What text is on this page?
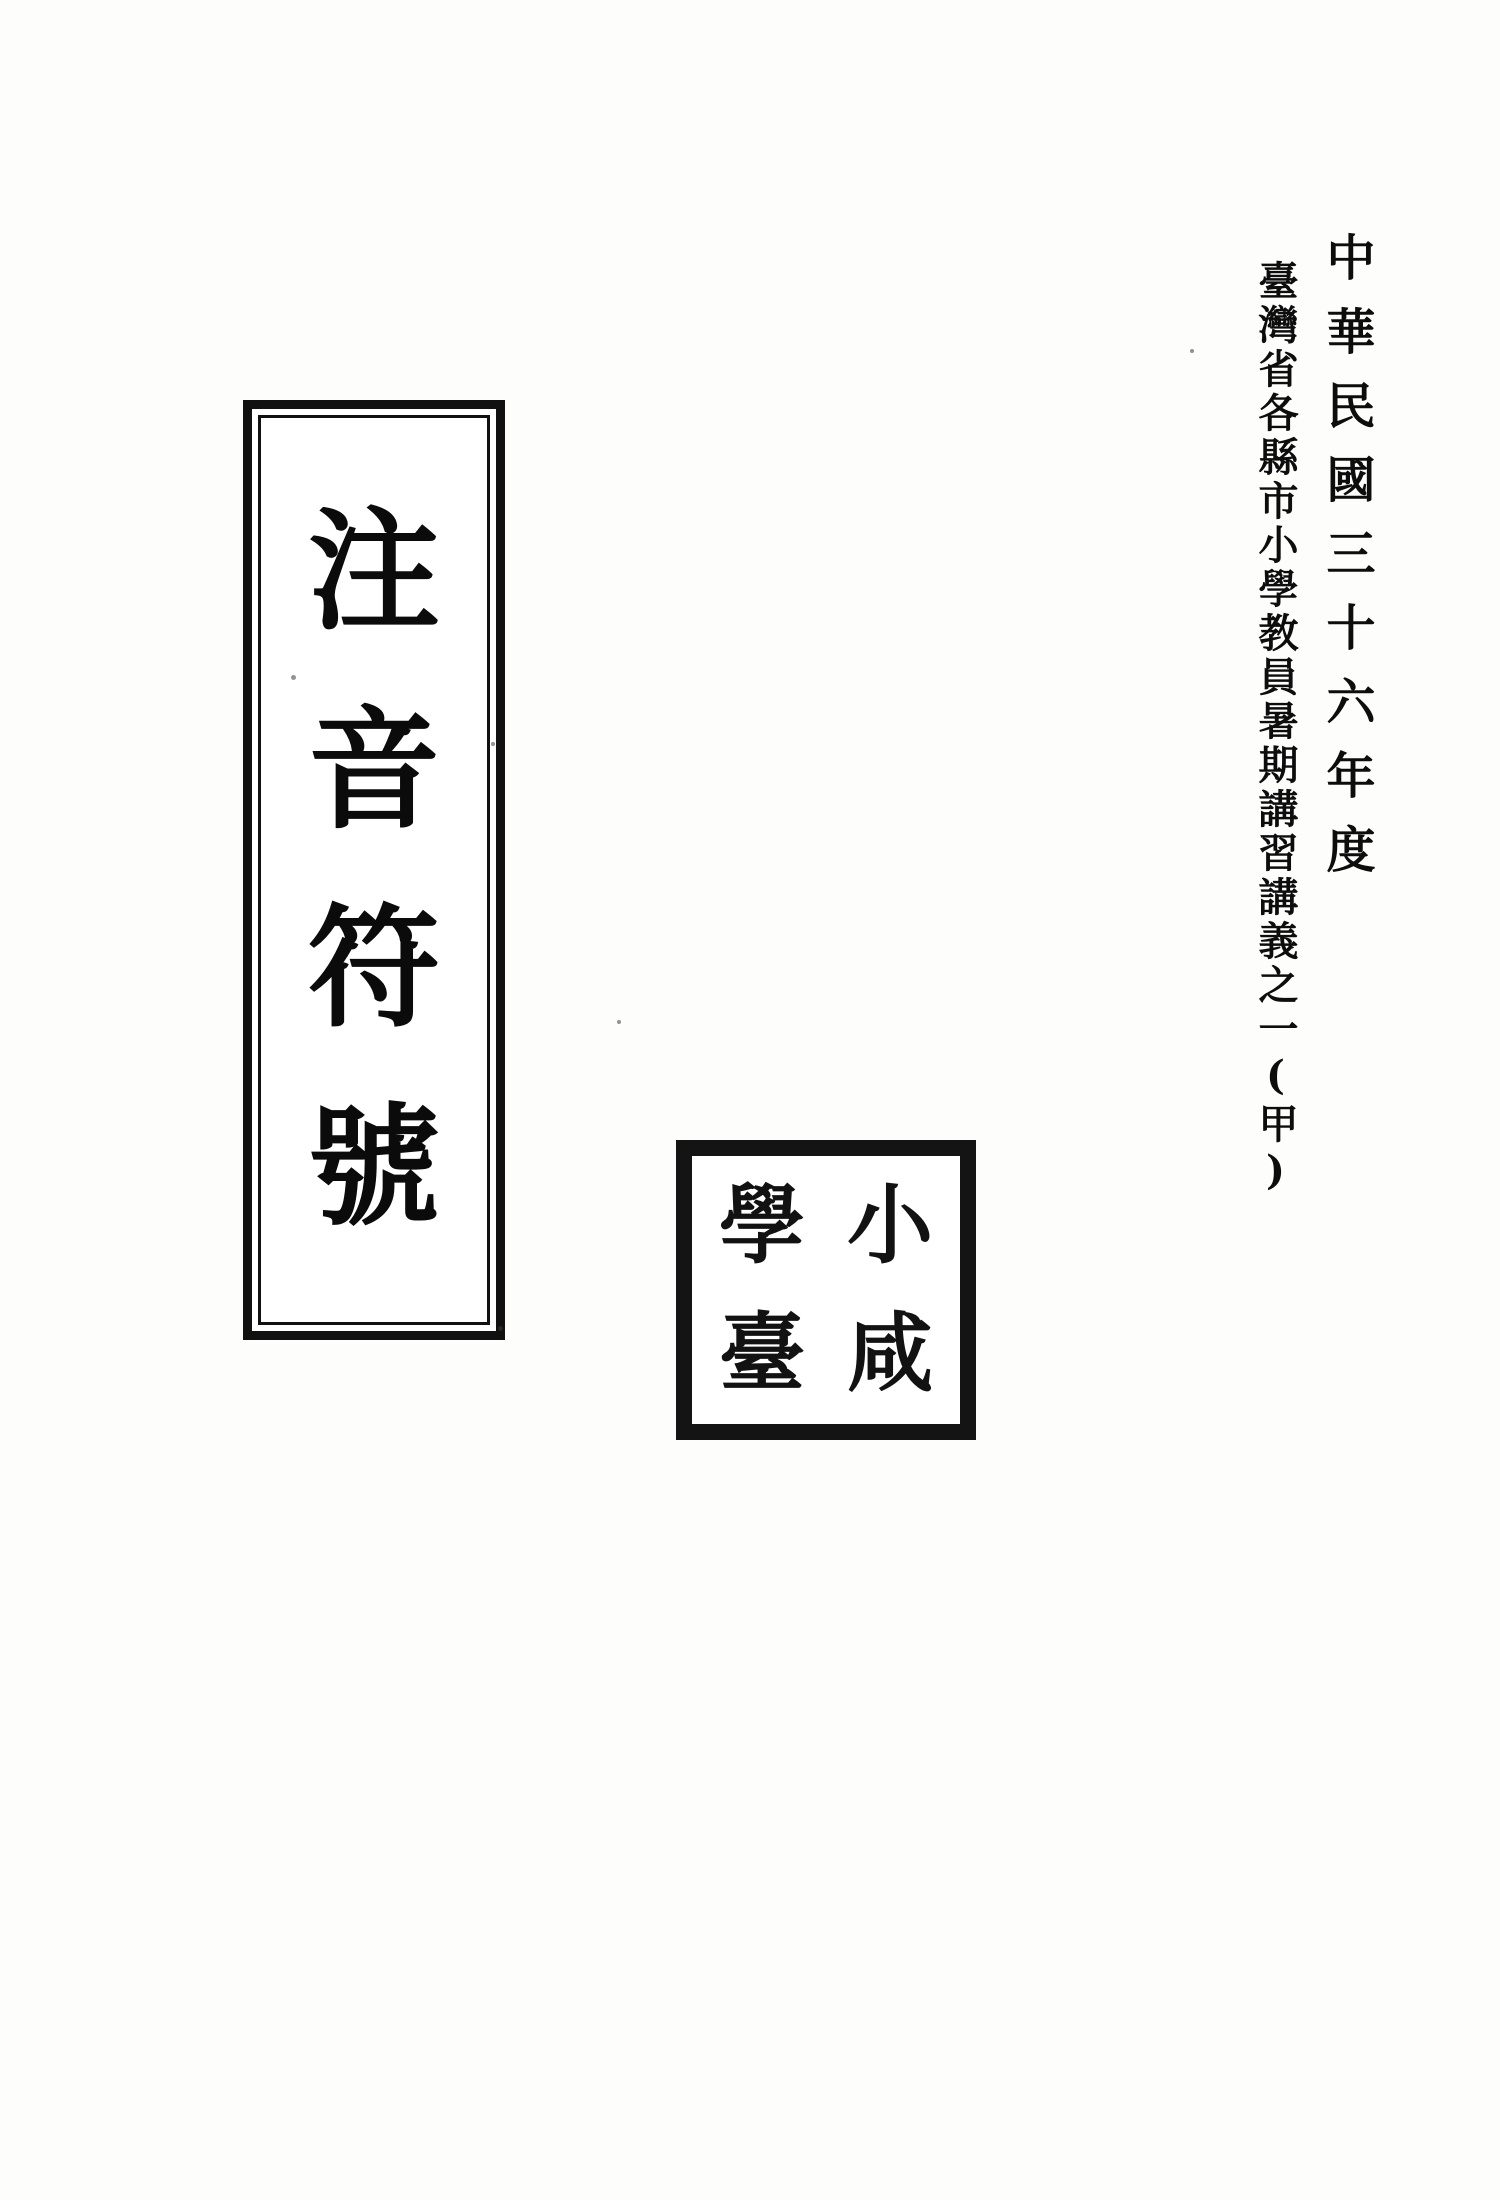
注
音
符
號	臺灣省各縣市小學教員暑期講習講義之一(甲) 中華民國三十六年度
小
學
咸
臺
